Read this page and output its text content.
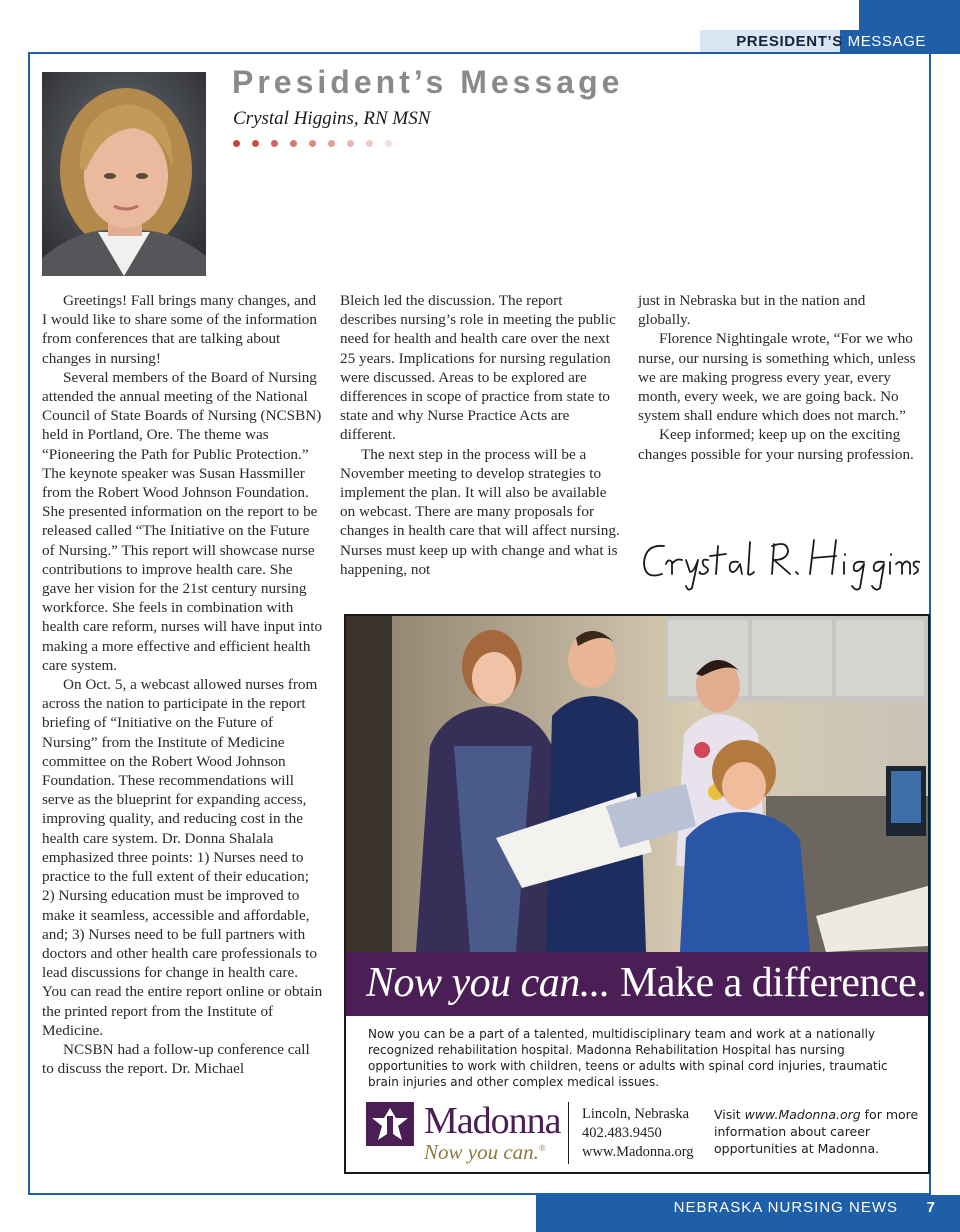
PRESIDENT’S MESSAGE
President’s Message
Crystal Higgins, RN MSN

Greetings! Fall brings many changes, and I would like to share some of the information from conferences that are talking about changes in nursing!

Several members of the Board of Nursing attended the annual meeting of the National Council of State Boards of Nursing (NCSBN) held in Portland, Ore. The theme was “Pioneering the Path for Public Protection.” The keynote speaker was Susan Hassmiller from the Robert Wood Johnson Foundation. She presented information on the report to be released called “The Initiative on the Future of Nursing.” This report will showcase nurse contributions to improve health care. She gave her vision for the 21st century nursing workforce. She feels in combination with health care reform, nurses will have input into making a more effective and efficient health care system.

On Oct. 5, a webcast allowed nurses from across the nation to participate in the report briefing of “Initiative on the Future of Nursing” from the Institute of Medicine committee on the Robert Wood Johnson Foundation. These recommendations will serve as the blueprint for expanding access, improving quality, and reducing cost in the health care system. Dr. Donna Shalala emphasized three points: 1) Nurses need to practice to the full extent of their education; 2) Nursing education must be improved to make it seamless, accessible and affordable, and; 3) Nurses need to be full partners with doctors and other health care professionals to lead discussions for change in health care. You can read the entire report online or obtain the printed report from the Institute of Medicine.

NCSBN had a follow-up conference call to discuss the report. Dr. Michael

Bleich led the discussion. The report describes nursing’s role in meeting the public need for health and health care over the next 25 years. Implications for nursing regulation were discussed. Areas to be explored are differences in scope of practice from state to state and why Nurse Practice Acts are different.

The next step in the process will be a November meeting to develop strategies to implement the plan. It will also be available on webcast. There are many proposals for changes in health care that will affect nursing. Nurses must keep up with change and what is happening, not

just in Nebraska but in the nation and globally.

Florence Nightingale wrote, “For we who nurse, our nursing is something which, unless we are making progress every year, every month, every week, we are going back. No system shall endure which does not march.”

Keep informed; keep up on the exciting changes possible for your nursing profession.

Now you can... Make a difference.
Now you can be a part of a talented, multidisciplinary team and work at a nationally recognized rehabilitation hospital. Madonna Rehabilitation Hospital has nursing opportunities to work with children, teens or adults with spinal cord injuries, traumatic brain injuries and other complex medical issues.
Madonna
Now you can.®
Lincoln, Nebraska
402.483.9450
www.Madonna.org
Visit www.Madonna.org for more information about career opportunities at Madonna.
NEBRASKA NURSING NEWS 7
